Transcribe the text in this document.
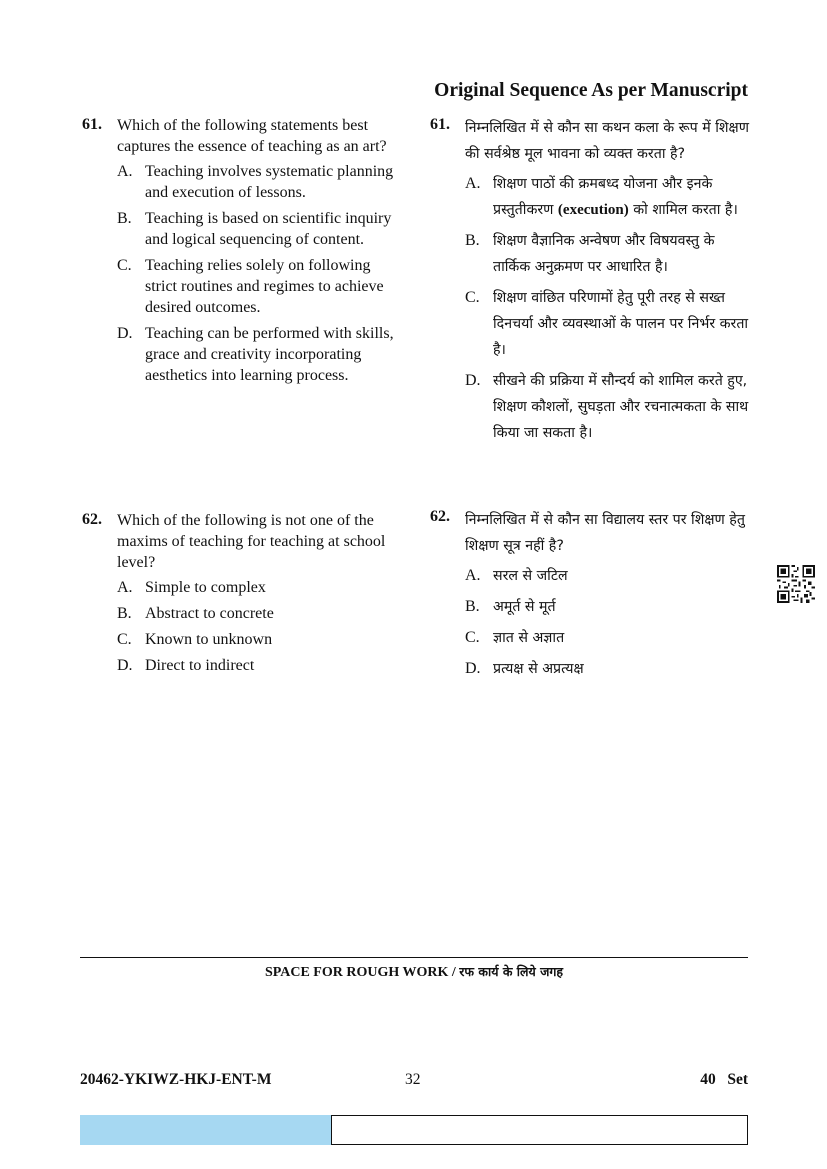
Original Sequence As per Manuscript
61. Which of the following statements best captures the essence of teaching as an art?
A. Teaching involves systematic planning and execution of lessons.
B. Teaching is based on scientific inquiry and logical sequencing of content.
C. Teaching relies solely on following strict routines and regimes to achieve desired outcomes.
D. Teaching can be performed with skills, grace and creativity incorporating aesthetics into learning process.
62. Which of the following is not one of the maxims of teaching for teaching at school level?
A. Simple to complex
B. Abstract to concrete
C. Known to unknown
D. Direct to indirect
61.	निम्नलिखित में से कौन सा कथन कला के रूप में शिक्षण की सर्वश्रेष्ठ मूल भावना को व्यक्त करता है?
A. शिक्षण पाठों की क्रमबध्द योजना और इनके प्रस्तुतीकरण (execution) को शामिल करता है।
B. शिक्षण वैज्ञानिक अन्वेषण और विषयवस्तु के तार्किक अनुक्रमण पर आधारित है।
C. शिक्षण वांछित परिणामों हेतु पूरी तरह से सख्त दिनचर्या और व्यवस्थाओं के पालन पर निर्भर करता है।
D. सीखने की प्रक्रिया में सौन्दर्य को शामिल करते हुए, शिक्षण कौशलों, सुघड़ता और रचनात्मकता के साथ किया जा सकता है।
62.	निम्नलिखित में से कौन सा विद्यालय स्तर पर शिक्षण हेतु शिक्षण सूत्र नहीं है?
A. सरल से जटिल
B. अमूर्त से मूर्त
C. ज्ञात से अज्ञात
D. प्रत्यक्ष से अप्रत्यक्ष
SPACE FOR ROUGH WORK / रफ कार्य के लिये जगह
20462-YKIWZ-HKJ-ENT-M	32	40   Set
